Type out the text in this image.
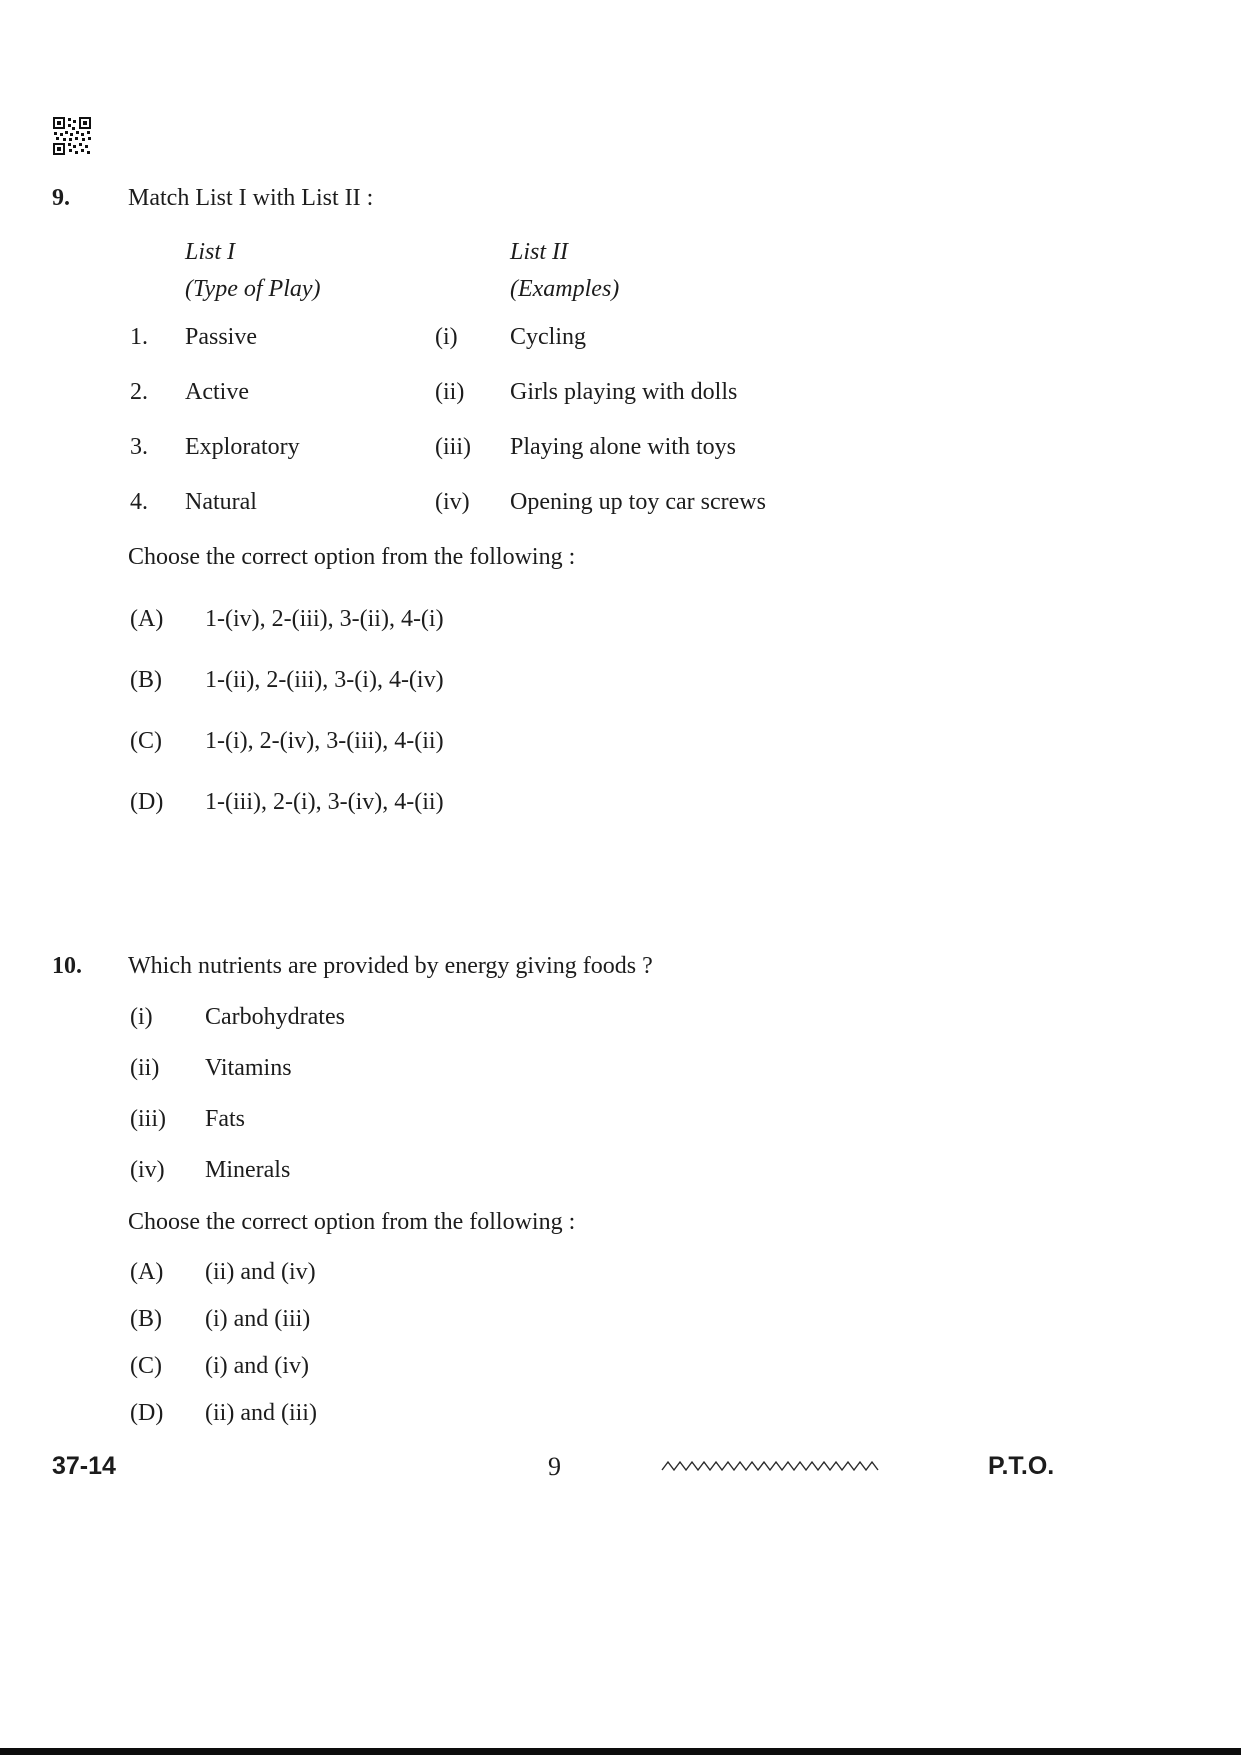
9.	Match List I with List II :
List I
(Type of Play)
List II
(Examples)
1.	Passive	(i)	Cycling
2.	Active	(ii)	Girls playing with dolls
3.	Exploratory	(iii)	Playing alone with toys
4.	Natural	(iv)	Opening up toy car screws
Choose the correct option from the following :
(A)	1-(iv), 2-(iii), 3-(ii), 4-(i)
(B)	1-(ii), 2-(iii), 3-(i), 4-(iv)
(C)	1-(i), 2-(iv), 3-(iii), 4-(ii)
(D)	1-(iii), 2-(i), 3-(iv), 4-(ii)
10.	Which nutrients are provided by energy giving foods ?
(i)	Carbohydrates
(ii)	Vitamins
(iii)	Fats
(iv)	Minerals
Choose the correct option from the following :
(A)	(ii) and (iv)
(B)	(i) and (iii)
(C)	(i) and (iv)
(D)	(ii) and (iii)
37-14	9	P.T.O.
